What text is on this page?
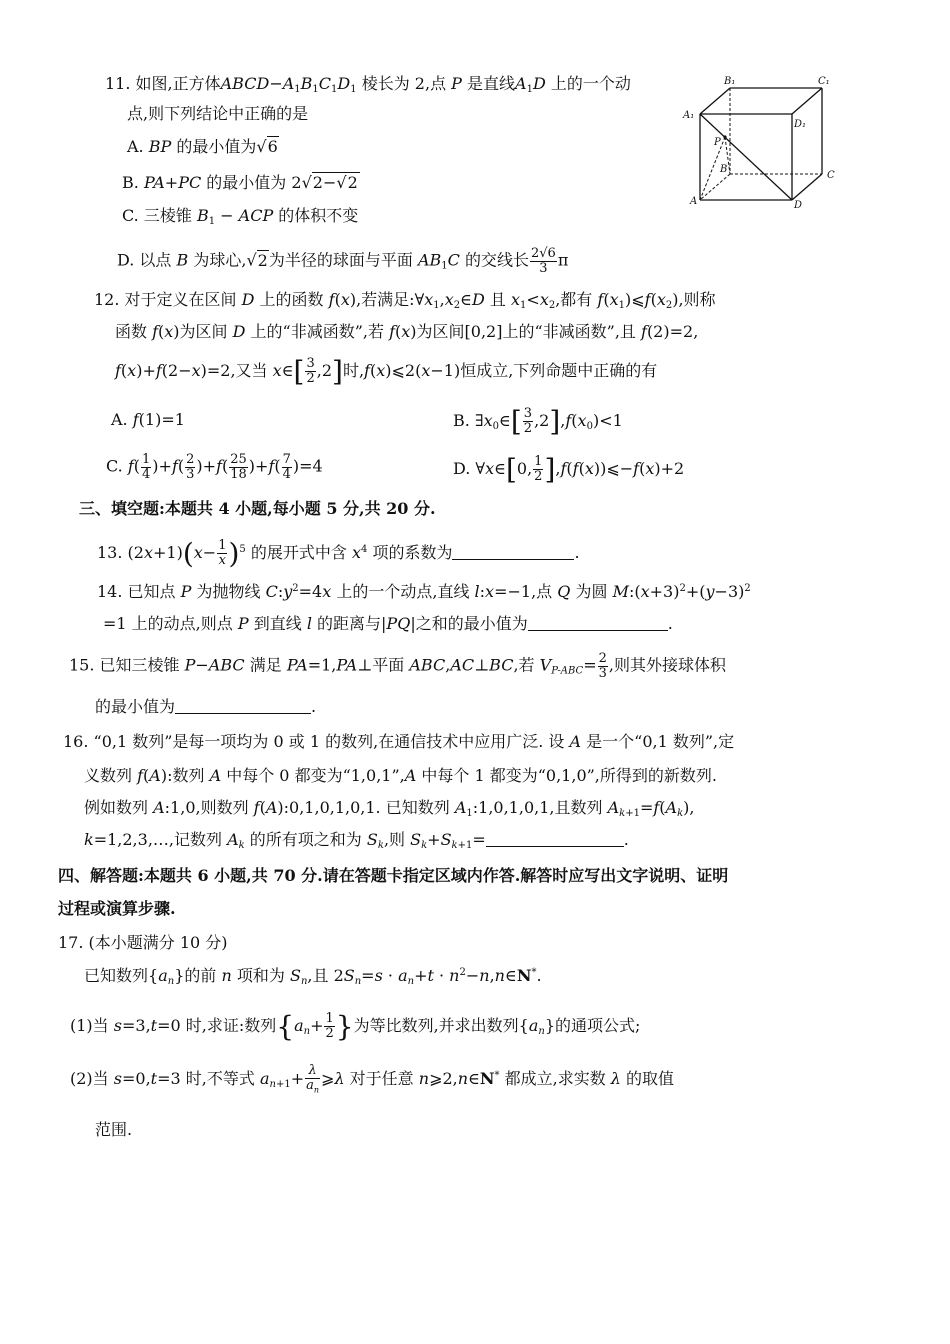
11. 如图,正方体$ABCD-A_1B_1C_1D_1$ 棱长为 2,点 P 是直线$A_1D$ 上的一个动
点,则下列结论中正确的是
A. BP 的最小值为√6
B. PA+PC 的最小值为 2√2−√2
C. 三棱锥 $B_1$ − ACP 的体积不变
D. 以点 B 为球心,√2为半径的球面与平面 $AB_1C$ 的交线长 $\frac{2√6}{3}$ π
B₁	C₁
A₁
D₁
P
B
C
A	D
12. 对于定义在区间 D 上的函数 f(x),若满足$:\forall x_1,x_2\in D$ 且 $x_1<x_2$,都有 $f(x_1)⩽f(x_2)$,则称
函数 f(x)为区间 D 上的“非减函数”,若 f(x)为区间[0,2]上的“非减函数”,且 f(2)=2,
f(x)+f(2−x)=2,又当 x∈[ $\frac{3}{2} ,2$]时,f(x)⩽2(x−1)恒成立,下列命题中正确的有
A. f(1)=1	B. $\exists x_0\in[ \frac{3}{2} ,2],f(x_0)<1$
C. $f( \frac{1}{4} )+f( \frac{2}{3} )+f( \frac{25}{18} )+f( \frac{7}{4} )=4$	D. ∀x∈[0, $\frac{1}{2}$ ],f(f(x))⩽−f(x)+2
三、填空题:本题共 4 小题,每小题 5 分,共 20 分.
13. $(2x+1)(x- \frac{1}{x} )^5$ 的展开式中含 $x^4$ 项的系数为	.
14. 已知点 P 为抛物线 $C:y^2=4x$ 上的一个动点,直线 l:x=−1,点 Q 为圆 $M:(x+3)^2+(y-3)^2$
=1 上的动点,则点 P 到直线 l 的距离与|PQ|之和的最小值为	.
15. 已知三棱锥 P−ABC 满足 PA=1,PA⊥平面 ABC,AC⊥BC,若 $V_{P-ABC}= \frac{2}{3}$ ,则其外接球体积
的最小值为	.
16. “0,1 数列”是每一项均为 0 或 1 的数列,在通信技术中应用广泛. 设 A 是一个“0,1 数列”,定
义数列 f(A):数列 A 中每个 0 都变为“1,0,1”,A 中每个 1 都变为“0,1,0”,所得到的新数列.
例如数列 A:1,0,则数列 f(A):0,1,0,1,0,1. 已知数列 $A_1:1,0,1,0,1$,且数列 $A_{k+1}=f(A_k)$,
k=1,2,3,…,记数列 $A_k$ 的所有项之和为 $S_k$,则 $S_k+S_{k+1}=$	.
四、解答题:本题共 6 小题,共 70 分.请在答题卡指定区域内作答.解答时应写出文字说明、证明
过程或演算步骤.
17. (本小题满分 10 分)
已知数列$\{a_n\}$的前 n 项和为 $S_n$,且 $2S_n=s \cdot a_n+t$ · $n^2-n,n\in N^*$.
(1)当 s=3,t=0 时,求证:数列{$a_n+ \frac{1}{2}$ }为等比数列,并求出数列$\{a_n\}$的通项公式;
(2)当 s=0,t=3 时,不等式 $a_{n+1}+ \frac{\lambda}{a_n}$ ⩾λ 对于任意 n⩾2,n∈N* 都成立,求实数 λ 的取值
范围.
